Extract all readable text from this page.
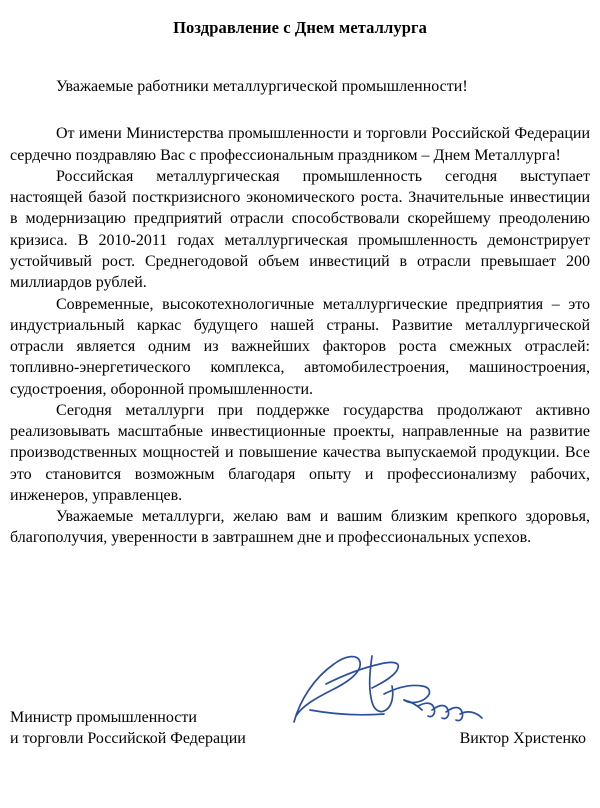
Поздравление с Днем металлурга
Уважаемые работники металлургической промышленности!

От имени Министерства промышленности и торговли Российской Федерации сердечно поздравляю Вас с профессиональным праздником – Днем Металлурга!

Российская металлургическая промышленность сегодня выступает настоящей базой посткризисного экономического роста. Значительные инвестиции в модернизацию предприятий отрасли способствовали скорейшему преодолению кризиса. В 2010-2011 годах металлургическая промышленность демонстрирует устойчивый рост. Среднегодовой объем инвестиций в отрасли превышает 200 миллиардов рублей.

Современные, высокотехнологичные металлургические предприятия – это индустриальный каркас будущего нашей страны. Развитие металлургической отрасли является одним из важнейших факторов роста смежных отраслей: топливно-энергетического комплекса, автомобилестроения, машиностроения, судостроения, оборонной промышленности.

Сегодня металлурги при поддержке государства продолжают активно реализовывать масштабные инвестиционные проекты, направленные на развитие производственных мощностей и повышение качества выпускаемой продукции. Все это становится возможным благодаря опыту и профессионализму рабочих, инженеров, управленцев.

Уважаемые металлурги, желаю вам и вашим близким крепкого здоровья, благополучия, уверенности в завтрашнем дне и профессиональных успехов.

Министр промышленности
и торговли Российской Федерации	Виктор Христенко
